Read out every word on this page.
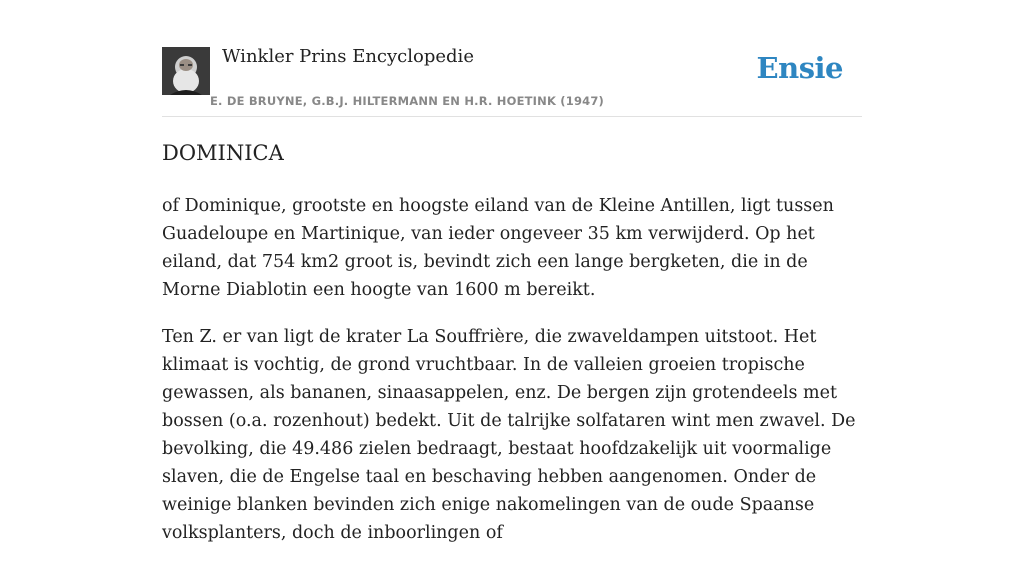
Winkler Prins Encyclopedie
E. DE BRUYNE, G.B.J. HILTERMANN EN H.R. HOETINK (1947)
Ensie
DOMINICA

of Dominique, grootste en hoogste eiland van de Kleine Antillen, ligt tussen Guadeloupe en Martinique, van ieder ongeveer 35 km verwijderd. Op het eiland, dat 754 km2 groot is, bevindt zich een lange bergketen, die in de Morne Diablotin een hoogte van 1600 m bereikt.

Ten Z. er van ligt de krater La Souffrière, die zwaveldampen uitstoot. Het klimaat is vochtig, de grond vruchtbaar. In de valleien groeien tropische gewassen, als bananen, sinaasappelen, enz. De bergen zijn grotendeels met bossen (o.a. rozenhout) bedekt. Uit de talrijke solfataren wint men zwavel. De bevolking, die 49.486 zielen bedraagt, bestaat hoofdzakelijk uit voormalige slaven, die de Engelse taal en beschaving hebben aangenomen. Onder de weinige blanken bevinden zich enige nakomelingen van de oude Spaanse volksplanters, doch de inboorlingen of
